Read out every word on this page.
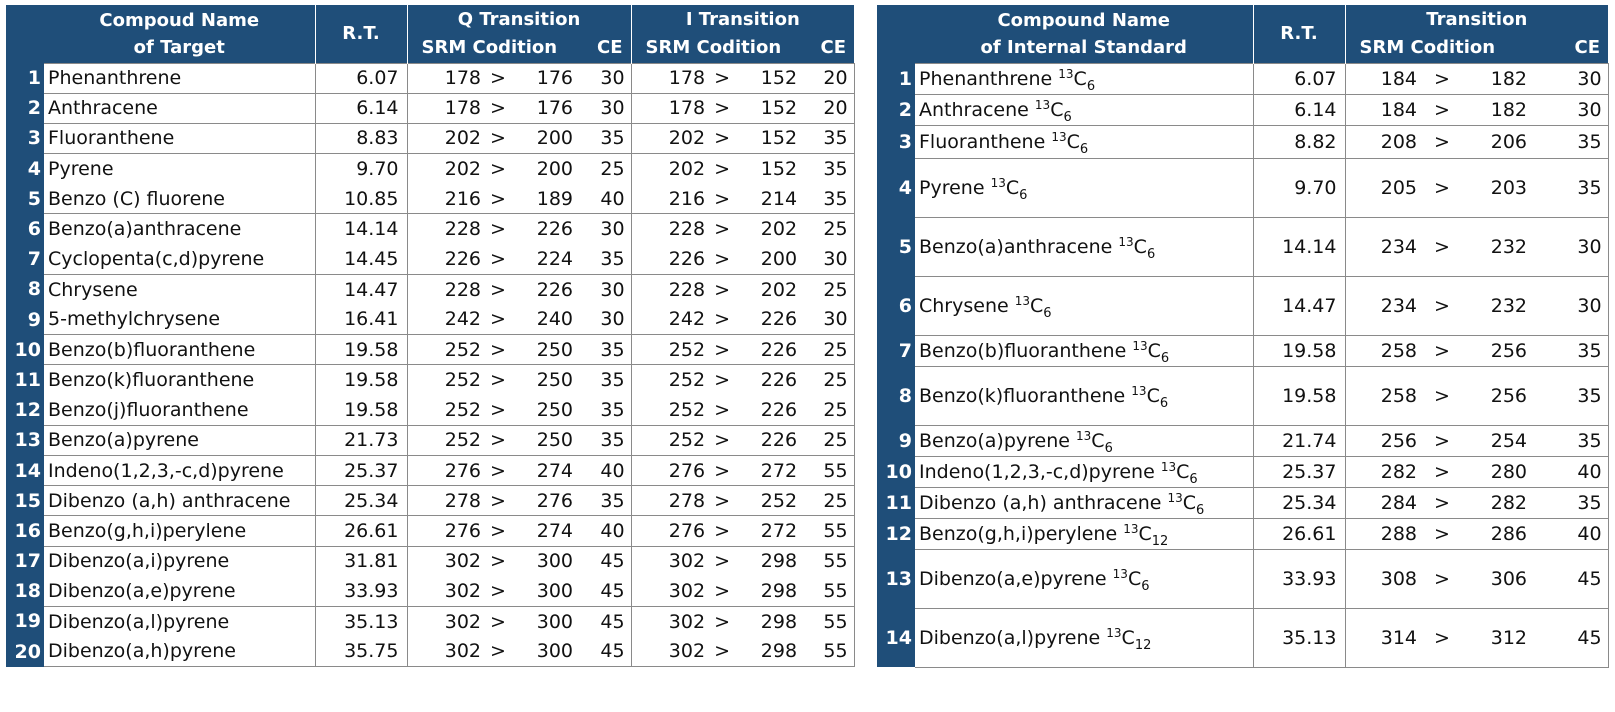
	Compoud Name
of Target	R.T.	Q Transition				I Transition			

			SRM Codition CE				SRM Codition CE			

1	Phenanthrene	6.07	178	>	176	30	178	>	152	20
2	Anthracene	6.14	178	>	176	30	178	>	152	20
3	Fluoranthene	8.83	202	>	200	35	202	>	152	35
4	Pyrene	9.70	202	>	200	25	202	>	152	35
5	Benzo (C) fluorene	10.85	216	>	189	40	216	>	214	35
6	Benzo(a)anthracene	14.14	228	>	226	30	228	>	202	25
7	Cyclopenta(c,d)pyrene	14.45	226	>	224	35	226	>	200	30
8	Chrysene	14.47	228	>	226	30	228	>	202	25
9	5-methylchrysene	16.41	242	>	240	30	242	>	226	30
10	Benzo(b)fluoranthene	19.58	252	>	250	35	252	>	226	25
11	Benzo(k)fluoranthene	19.58	252	>	250	35	252	>	226	25
12	Benzo(j)fluoranthene	19.58	252	>	250	35	252	>	226	25
13	Benzo(a)pyrene	21.73	252	>	250	35	252	>	226	25
14	Indeno(1,2,3,-c,d)pyrene	25.37	276	>	274	40	276	>	272	55
15	Dibenzo (a,h) anthracene	25.34	278	>	276	35	278	>	252	25
16	Benzo(g,h,i)perylene	26.61	276	>	274	40	276	>	272	55
17	Dibenzo(a,i)pyrene	31.81	302	>	300	45	302	>	298	55
18	Dibenzo(a,e)pyrene	33.93	302	>	300	45	302	>	298	55
19	Dibenzo(a,l)pyrene	35.13	302	>	300	45	302	>	298	55
20	Dibenzo(a,h)pyrene	35.75	302	>	300	45	302	>	298	55

	Compound Name
of Internal Standard	R.T.	Transition			

			SRM Codition CE			

1	Phenanthrene $^{13}C_6$	6.07	184	>	182	30
2	Anthracene $^{13}C_6$	6.14	184	>	182	30
3	Fluoranthene $^{13}C_6$	8.82	208	>	206	35
4	Pyrene $^{13}C_6$	9.70	205	>	203	35
5	Benzo(a)anthracene $^{13}C_6$	14.14	234	>	232	30
6	Chrysene $^{13}C_6$	14.47	234	>	232	30
7	Benzo(b)fluoranthene $^{13}C_6$	19.58	258	>	256	35
8	Benzo(k)fluoranthene $^{13}C_6$	19.58	258	>	256	35
9	Benzo(a)pyrene $^{13}C_6$	21.74	256	>	254	35
10	Indeno(1,2,3,-c,d)pyrene $^{13}C_6$	25.37	282	>	280	40
11	Dibenzo (a,h) anthracene $^{13}C_6$	25.34	284	>	282	35
12	Benzo(g,h,i)perylene $^{13}C_{12}$	26.61	288	>	286	40
13	Dibenzo(a,e)pyrene $^{13}C_6$	33.93	308	>	306	45
14	Dibenzo(a,l)pyrene $^{13}C_{12}$	35.13	314	>	312	45
